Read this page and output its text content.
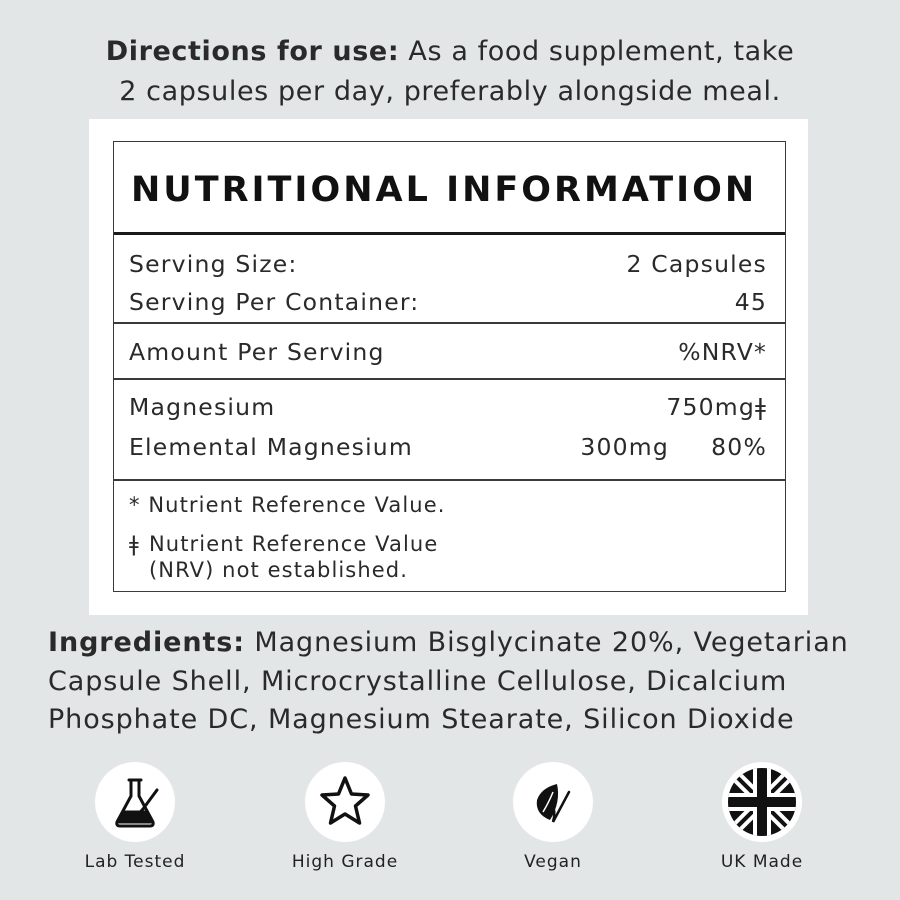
Directions for use: As a food supplement, take
2 capsules per day, preferably alongside meal.
NUTRITIONAL INFORMATION
Serving Size:	2 Capsules
Serving Per Container:	45
Amount Per Serving	%NRV*
Magnesium	750mgǂ
Elemental Magnesium	300mg 80%
* Nutrient Reference Value.
ǂ Nutrient Reference Value
(NRV) not established.
Ingredients: Magnesium Bisglycinate 20%, Vegetarian
Capsule Shell, Microcrystalline Cellulose, Dicalcium
Phosphate DC, Magnesium Stearate, Silicon Dioxide
Lab Tested	High Grade	Vegan	UK Made
